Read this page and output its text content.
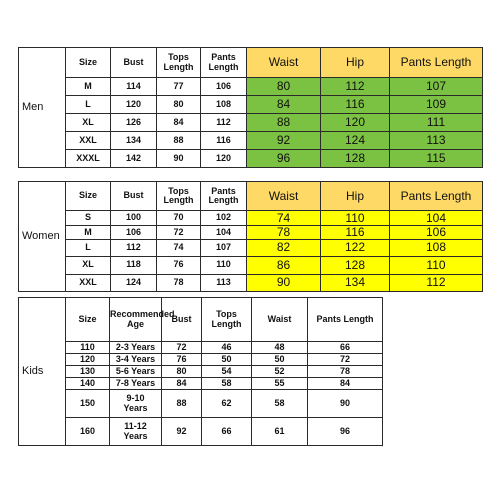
Men	Size	Bust	Tops Length	Pants Length	Waist	Hip	Pants Length
	M	114	77	106	80	112	107
	L	120	80	108	84	116	109
	XL	126	84	112	88	120	111
	XXL	134	88	116	92	124	113
	XXXL	142	90	120	96	128	115
Women	Size	Bust	Tops Length	Pants Length	Waist	Hip	Pants Length
	S	100	70	102	74	110	104
	M	106	72	104	78	116	106
	L	112	74	107	82	122	108
	XL	118	76	110	86	128	110
	XXL	124	78	113	90	134	112
Kids	Size	Recommended Age	Bust	Tops Length	Waist	Pants Length
	110	2-3 Years	72	46	48	66
	120	3-4 Years	76	50	50	72
	130	5-6 Years	80	54	52	78
	140	7-8 Years	84	58	55	84
	150	9-10 Years	88	62	58	90
	160	11-12 Years	92	66	61	96
